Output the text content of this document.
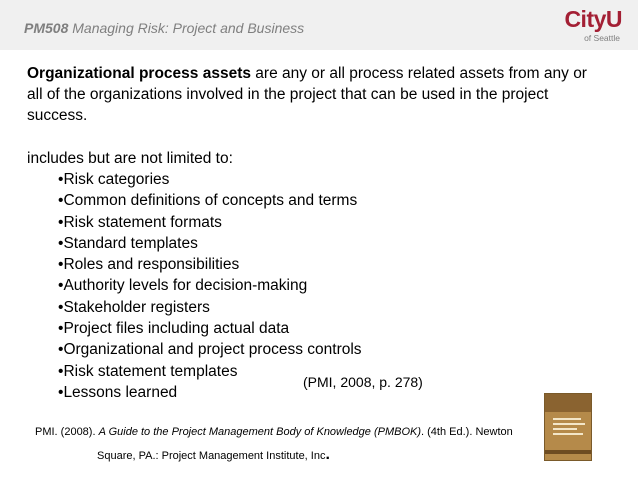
PM508 Managing Risk: Project and Business	CityU
of Seattle
Organizational process assets are any or all process related assets from any or all of the organizations involved in the project that can be used in the project success.
includes but are not limited to:
• Risk categories
• Common definitions of concepts and terms
• Risk statement formats
• Standard templates
• Roles and responsibilities
• Authority levels for decision-making
• Stakeholder registers
• Project files including actual data
• Organizational and project process controls
• Risk statement templates
• Lessons learned
(PMI, 2008, p. 278)
PMI. (2008). A Guide to the Project Management Body of Knowledge (PMBOK). (4th Ed.). Newton
Square, PA.: Project Management Institute, Inc.
